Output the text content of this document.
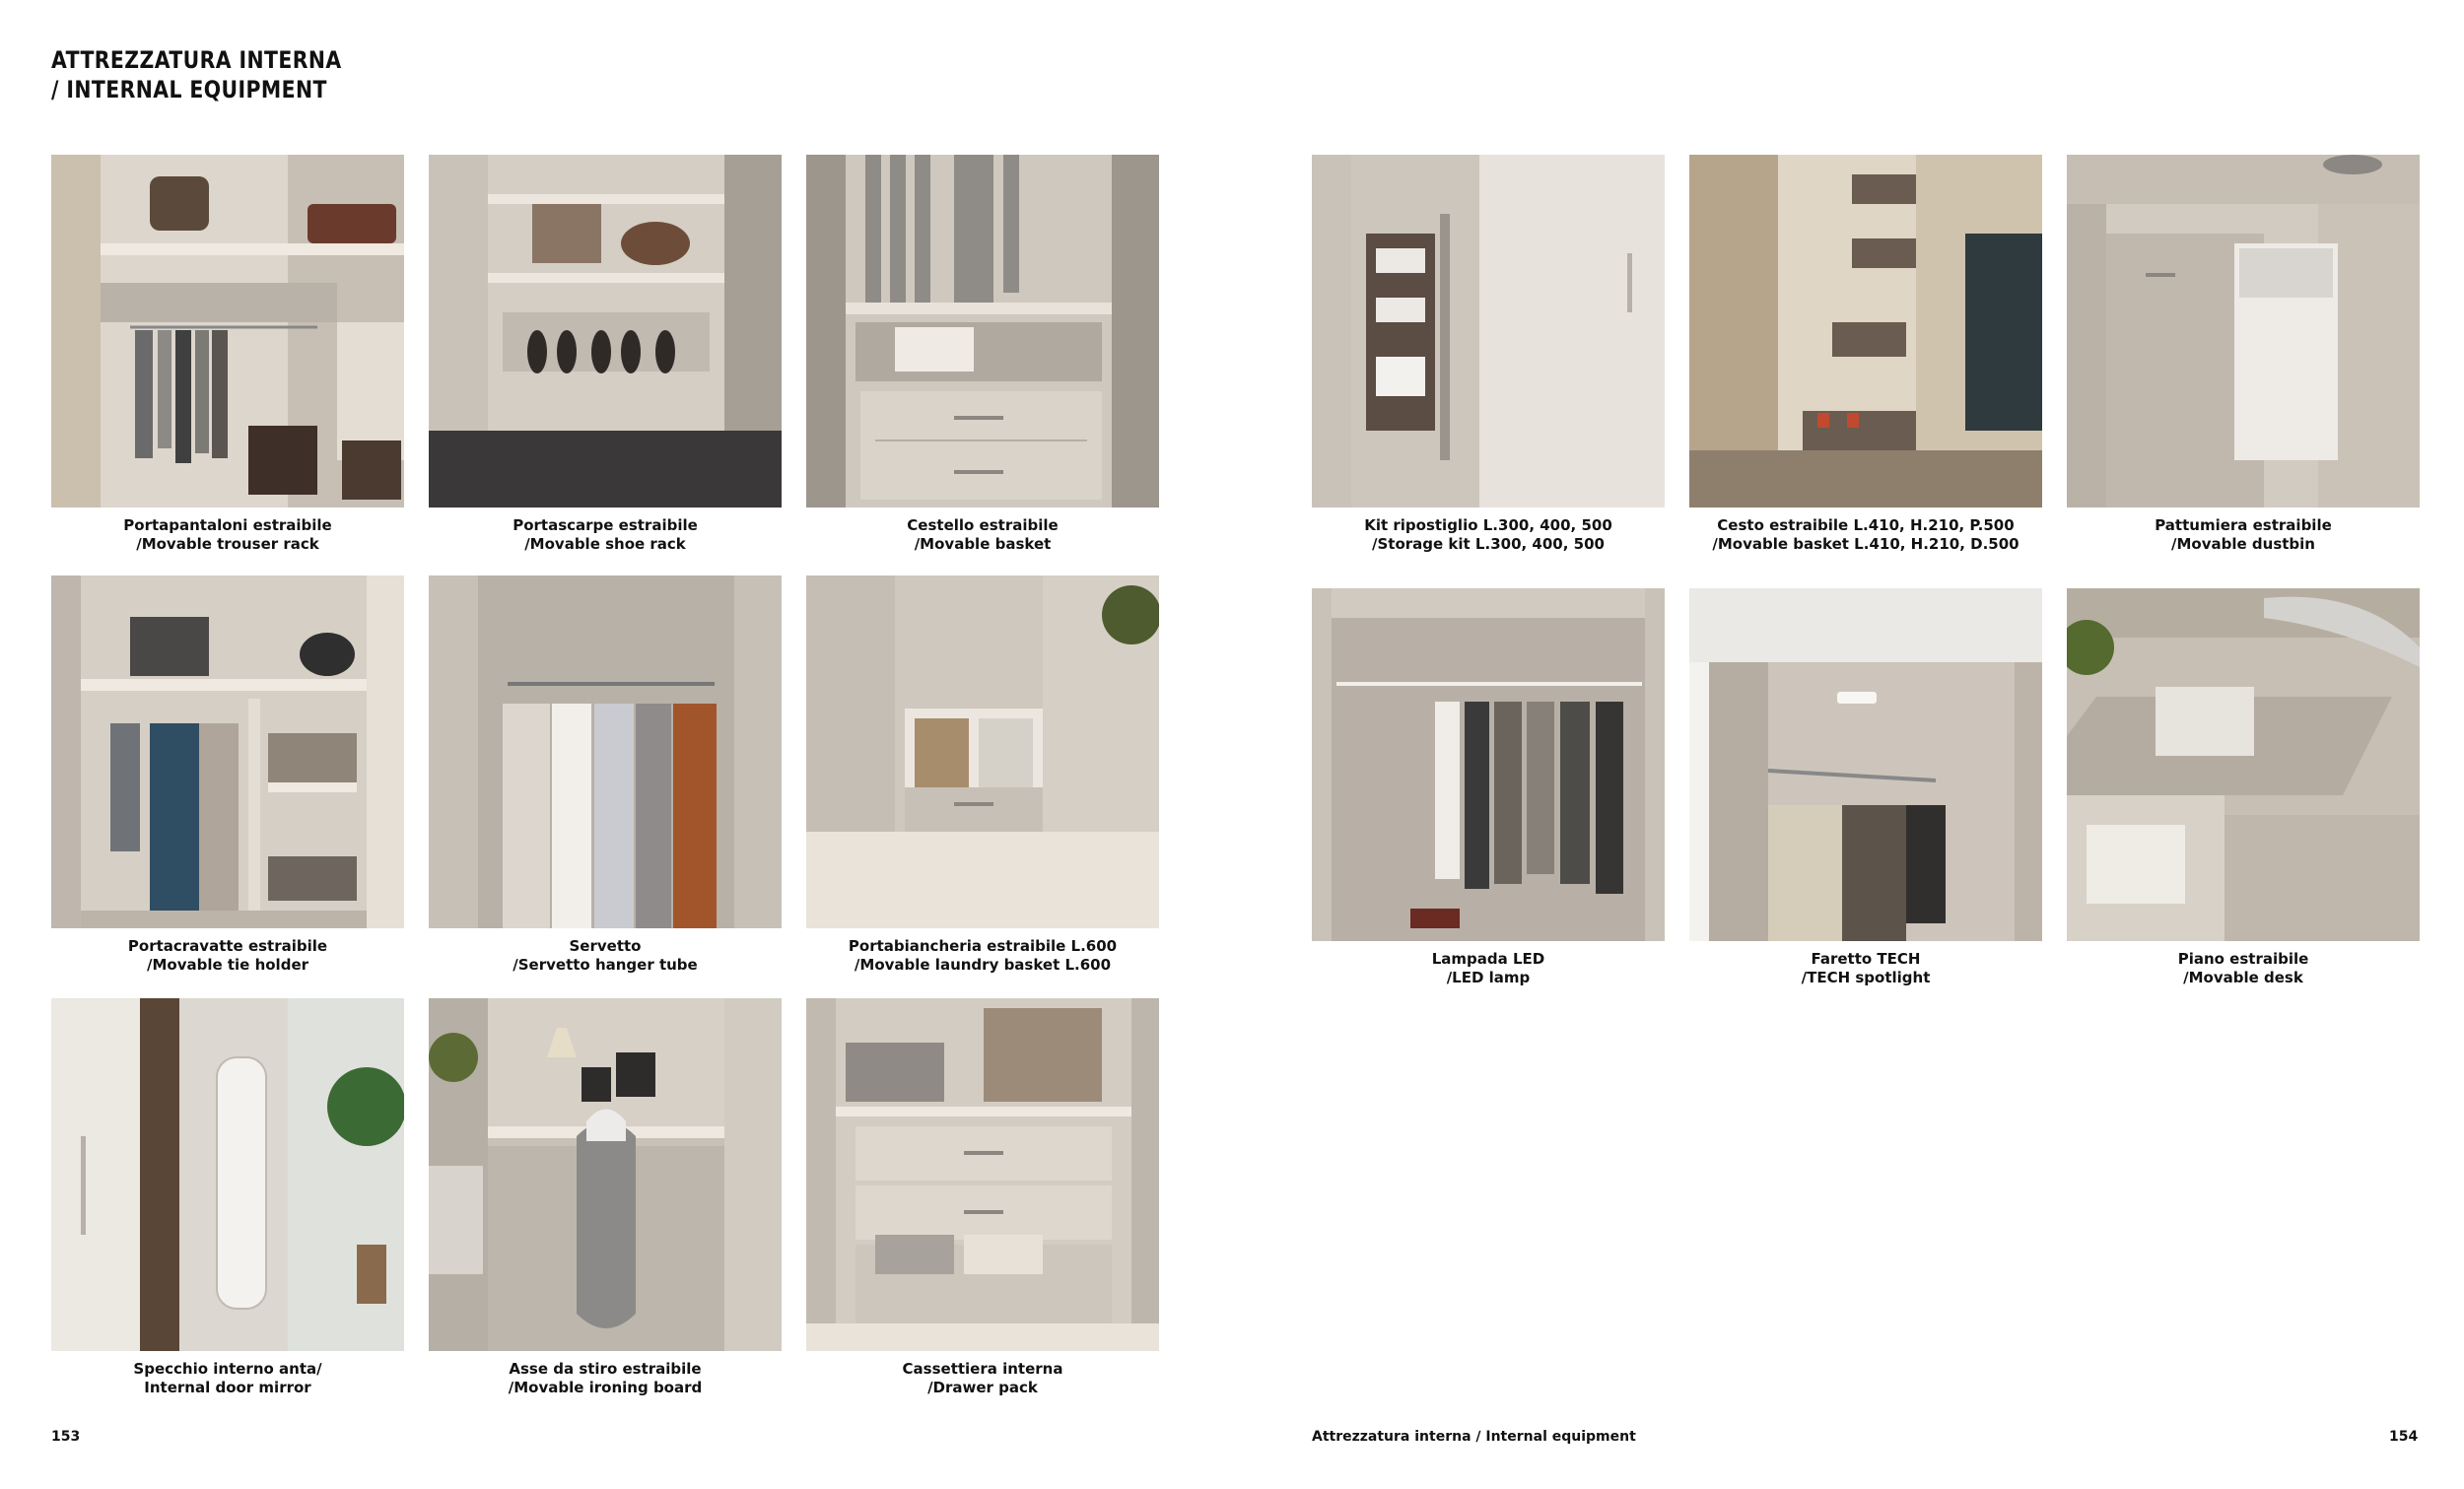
ATTREZZATURA INTERNA
∕ INTERNAL EQUIPMENT
Portapantaloni estraibile
∕Movable trouser rack
Portascarpe estraibile
∕Movable shoe rack
Cestello estraibile
∕Movable basket
Portacravatte estraibile
∕Movable tie holder
Servetto
∕Servetto hanger tube
Portabiancheria estraibile L.600
∕Movable laundry basket L.600
Specchio interno anta∕
Internal door mirror
Asse da stiro estraibile
∕Movable ironing board
Cassettiera interna
∕Drawer pack
153
Kit ripostiglio L.300, 400, 500
∕Storage kit L.300, 400, 500
Cesto estraibile L.410, H.210, P.500
∕Movable basket L.410, H.210, D.500
Pattumiera estraibile
∕Movable dustbin
Lampada LED
∕LED lamp
Faretto TECH
∕TECH spotlight
Piano estraibile
∕Movable desk
Attrezzatura interna ∕ Internal equipment	154
